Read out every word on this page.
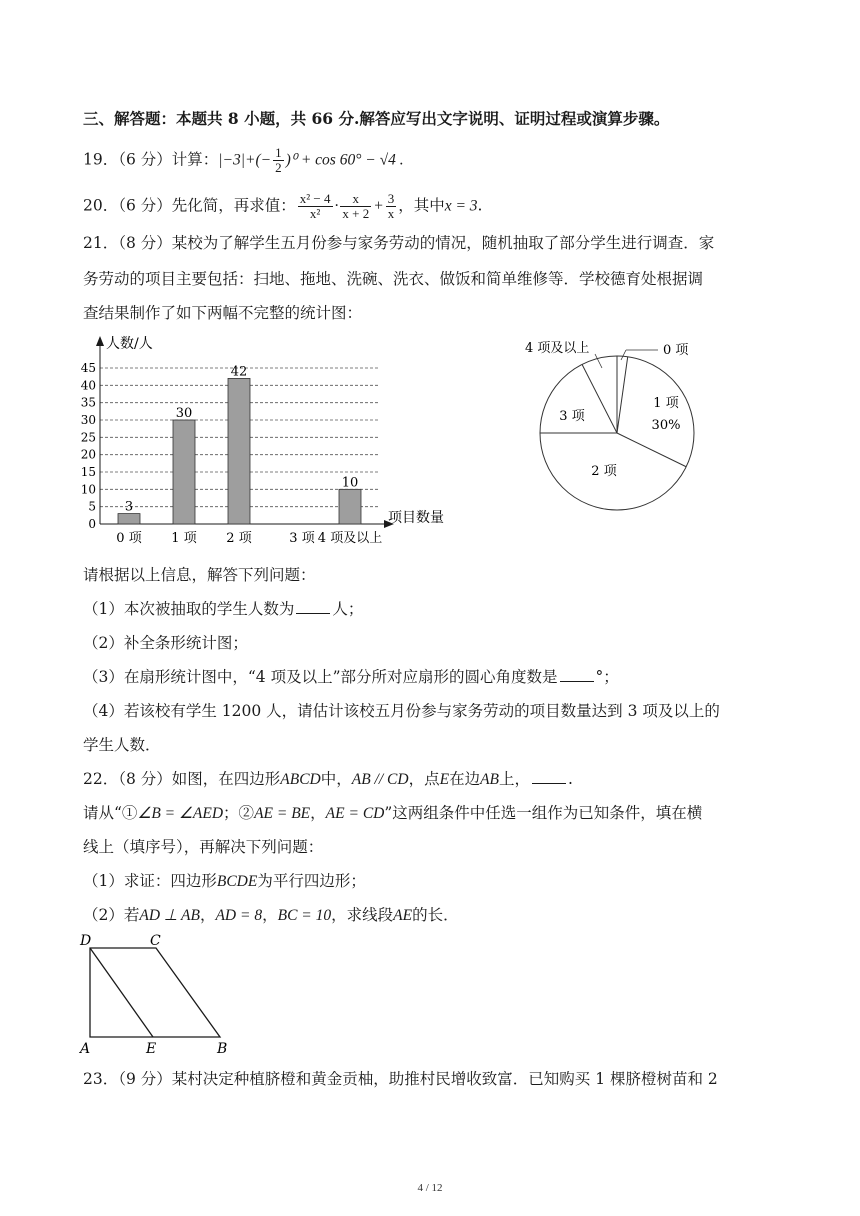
三、解答题：本题共 8 小题，共 66 分.解答应写出文字说明、证明过程或演算步骤。
19．（6 分）计算：$|-3|+(- \frac{1}{2} )^0 + \cos 60^\circ - √4$ .
20．（6 分）先化简，再求值： $\frac{\text{x² − 4}}{\text{x²}} \cdot \frac{x}{x + 2} + \frac{3}{x}$ ，其中x = 3.
21．（8 分）某校为了解学生五月份参与家务劳动的情况，随机抽取了部分学生进行调查．家
务劳动的项目主要包括：扫地、拖地、洗碗、洗衣、做饭和简单维修等．学校德育处根据调
查结果制作了如下两幅不完整的统计图：
0
5
10
15
20
25
30
35
40
45
人数/人
项目数量
0 项
3
1 项
30
2 项
42
3 项 4 项及以上
10
1 项
30%
2 项
3 项
4 项及以上	0 项
请根据以上信息，解答下列问题：
（1）本次被抽取的学生人数为 人；
（2）补全条形统计图；
（3）在扇形统计图中，“4 项及以上”部分所对应扇形的圆心角度数是 °；
（4）若该校有学生 1200 人，请估计该校五月份参与家务劳动的项目数量达到 3 项及以上的
学生人数．
22．（8 分）如图，在四边形ABCD中，AB // CD，点E在边AB上， .
请从“①∠B = ∠AED；②AE = BE，AE = CD”这两组条件中任选一组作为已知条件，填在横
线上（填序号），再解决下列问题：
（1）求证：四边形BCDE为平行四边形；
（2）若AD ⊥ AB，AD = 8，BC = 10，求线段AE的长．
D	C
A	E	B
23．（9 分）某村决定种植脐橙和黄金贡柚，助推村民增收致富．已知购买 1 棵脐橙树苗和 2
4 / 12
